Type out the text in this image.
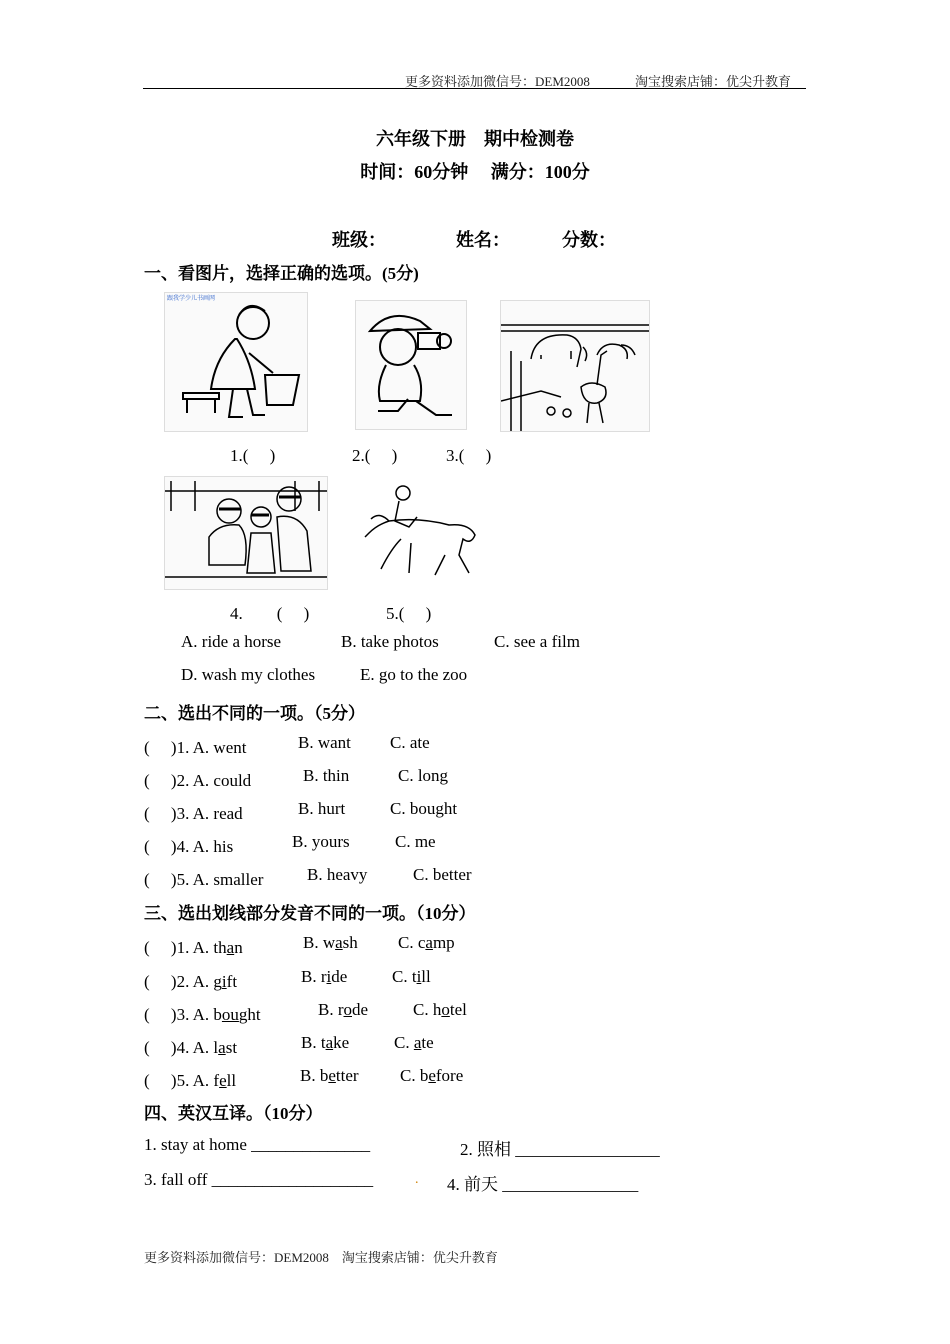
更多资料添加微信号：DEM2008	淘宝搜索店铺：优尖升教育
六年级下册　期中检测卷
时间：60分钟　 满分：100分
班级：	姓名：	分数：
一、看图片，选择正确的选项。(5分)
跟我学少儿书画网
1.(　 )	2.(　 )	3.(　 )
4.　　(　 )	5.(　 )
A. ride a horse	B. take photos	C. see a film
D. wash my clothes	E. go to the zoo
二、选出不同的一项。（5分）
(　 )1. A. went	B. want C. ate
(　 )2. A. could	B. thin	C. long
(　 )3. A. read	B. hurt	C. bought
(　 )4. A. his	B. yours	C. me
(　 )5. A. smaller	B. heavy	C. better
三、选出划线部分发音不同的一项。（10分）
(　 )1. A. than	B. wash C. camp
(　 )2. A. gift	B. ride	C. till
(　 )3. A. bought	B. rode	C. hotel
(　 )4. A. last	B. take	C. ate
(　 )5. A. fell	B. better C. before
四、英汉互译。（10分）
1. stay at home ______________	2. 照相 _________________
3. fall off ___________________	. 4. 前天 ________________
更多资料添加微信号：DEM2008　淘宝搜索店铺：优尖升教育
